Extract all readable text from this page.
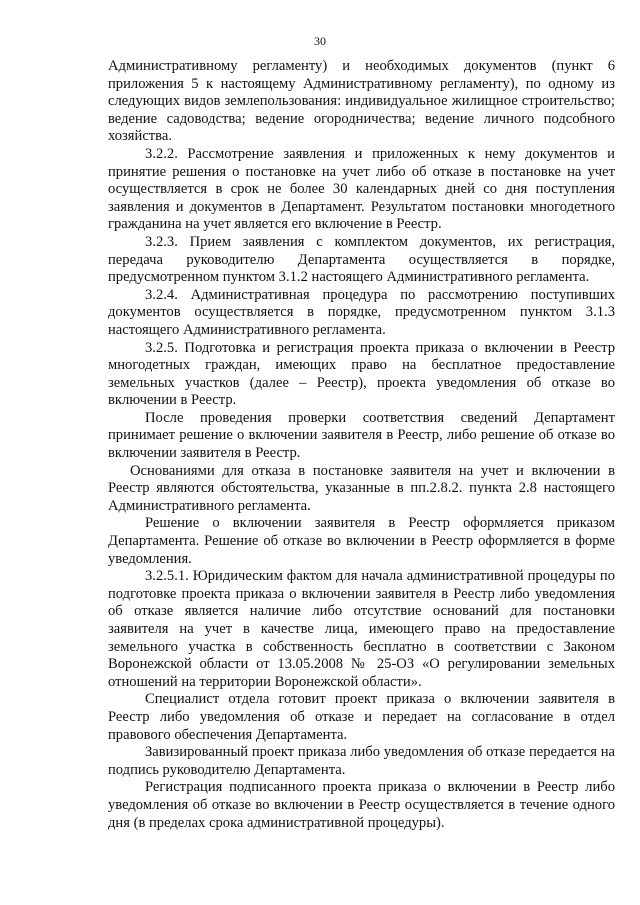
30

Административному регламенту) и необходимых документов (пункт 6 приложения 5 к настоящему Административному регламенту), по одному из следующих видов землепользования: индивидуальное жилищное строительство; ведение садоводства; ведение огородничества; ведение личного подсобного хозяйства.

3.2.2. Рассмотрение заявления и приложенных к нему документов и принятие решения о постановке на учет либо об отказе в постановке на учет осуществляется в срок не более 30 календарных дней со дня поступления заявления и документов в Департамент. Результатом постановки многодетного гражданина на учет является его включение в Реестр.

3.2.3. Прием заявления с комплектом документов, их регистрация, передача руководителю Департамента осуществляется в порядке, предусмотренном пунктом 3.1.2 настоящего Административного регламента.

3.2.4. Административная процедура по рассмотрению поступивших документов осуществляется в порядке, предусмотренном пунктом 3.1.3 настоящего Административного регламента.

3.2.5. Подготовка и регистрация проекта приказа о включении в Реестр многодетных граждан, имеющих право на бесплатное предоставление земельных участков (далее – Реестр), проекта уведомления об отказе во включении в Реестр.

После проведения проверки соответствия сведений Департамент принимает решение о включении заявителя в Реестр, либо решение об отказе во включении заявителя в Реестр.

Основаниями для отказа в постановке заявителя на учет и включении в Реестр являются обстоятельства, указанные в пп.2.8.2. пункта 2.8 настоящего Административного регламента.

Решение о включении заявителя в Реестр оформляется приказом Департамента. Решение об отказе во включении в Реестр оформляется в форме уведомления.

3.2.5.1. Юридическим фактом для начала административной процедуры по подготовке проекта приказа о включении заявителя в Реестр либо уведомления об отказе является наличие либо отсутствие оснований для постановки заявителя на учет в качестве лица, имеющего право на предоставление земельного участка в собственность бесплатно в соответствии с Законом Воронежской области от 13.05.2008 № 25-ОЗ «О регулировании земельных отношений на территории Воронежской области».

Специалист отдела готовит проект приказа о включении заявителя в Реестр либо уведомления об отказе и передает на согласование в отдел правового обеспечения Департамента.

Завизированный проект приказа либо уведомления об отказе передается на подпись руководителю Департамента.

Регистрация подписанного проекта приказа о включении в Реестр либо уведомления об отказе во включении в Реестр осуществляется в течение одного дня (в пределах срока административной процедуры).
